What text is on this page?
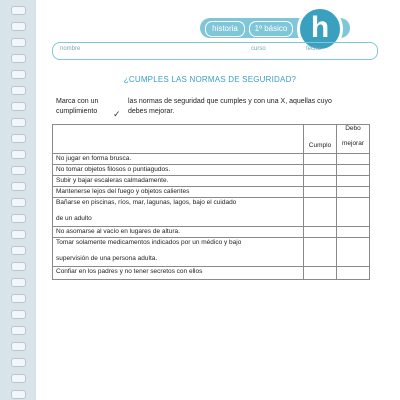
historia	1º básico h
nombre	curso	fecha
¿CUMPLES LAS NORMAS DE SEGURIDAD?
Marca con un
cumplimiento ✓
las normas de seguridad que cumples y con una X, aquellas cuyo
debes mejorar.
	Cumplo	Debo
mejorar

No jugar en forma brusca.		
No tomar objetos filosos o puntiagudos.		
Subir y bajar escaleras calmadamente.		
Mantenerse lejos del fuego y objetos calientes		

Bañarse en piscinas, ríos, mar, lagunas, lagos, bajo el cuidado
de un adulto		

No asomarse al vacío en lugares de altura.		

Tomar solamente medicamentos indicados por un médico y bajo
supervisión de una persona adulta.		

Confiar en los padres y no tener secretos con ellos		
